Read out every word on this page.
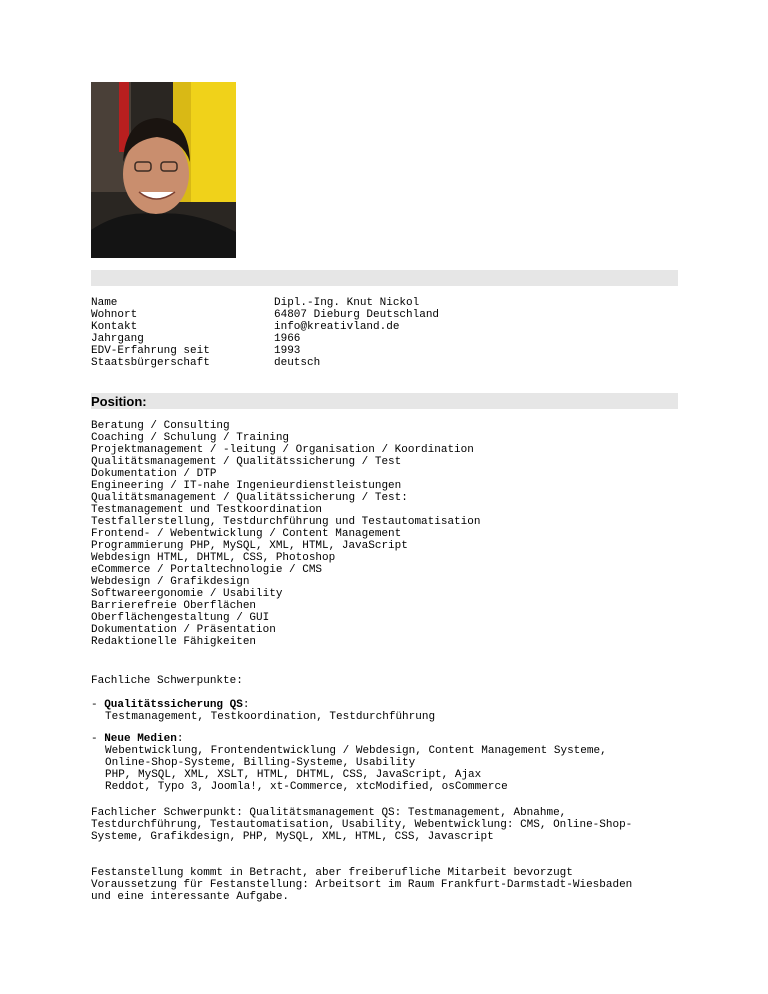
Name	Dipl.-Ing. Knut Nickol
Wohnort	64807 Dieburg Deutschland
Kontakt	info@kreativland.de
Jahrgang	1966
EDV-Erfahrung seit	1993
Staatsbürgerschaft	deutsch
Position:
Beratung / Consulting
Coaching / Schulung / Training
Projektmanagement / -leitung / Organisation / Koordination
Qualitätsmanagement / Qualitätssicherung / Test
Dokumentation / DTP
Engineering / IT-nahe Ingenieurdienstleistungen
Qualitätsmanagement / Qualitätssicherung / Test:
Testmanagement und Testkoordination
Testfallerstellung, Testdurchführung und Testautomatisation
Frontend- / Webentwicklung / Content Management
Programmierung PHP, MySQL, XML, HTML, JavaScript
Webdesign HTML, DHTML, CSS, Photoshop
eCommerce / Portaltechnologie / CMS
Webdesign / Grafikdesign
Softwareergonomie / Usability
Barrierefreie Oberflächen
Oberflächengestaltung / GUI
Dokumentation / Präsentation
Redaktionelle Fähigkeiten
Fachliche Schwerpunkte:
- Qualitätssicherung QS:
Testmanagement, Testkoordination, Testdurchführung
- Neue Medien:
Webentwicklung, Frontendentwicklung / Webdesign, Content Management Systeme,
Online-Shop-Systeme, Billing-Systeme, Usability
PHP, MySQL, XML, XSLT, HTML, DHTML, CSS, JavaScript, Ajax
Reddot, Typo 3, Joomla!, xt-Commerce, xtcModified, osCommerce
Fachlicher Schwerpunkt: Qualitätsmanagement QS: Testmanagement, Abnahme,
Testdurchführung, Testautomatisation, Usability, Webentwicklung: CMS, Online-Shop-
Systeme, Grafikdesign, PHP, MySQL, XML, HTML, CSS, Javascript
Festanstellung kommt in Betracht, aber freiberufliche Mitarbeit bevorzugt
Voraussetzung für Festanstellung: Arbeitsort im Raum Frankfurt-Darmstadt-Wiesbaden
und eine interessante Aufgabe.
